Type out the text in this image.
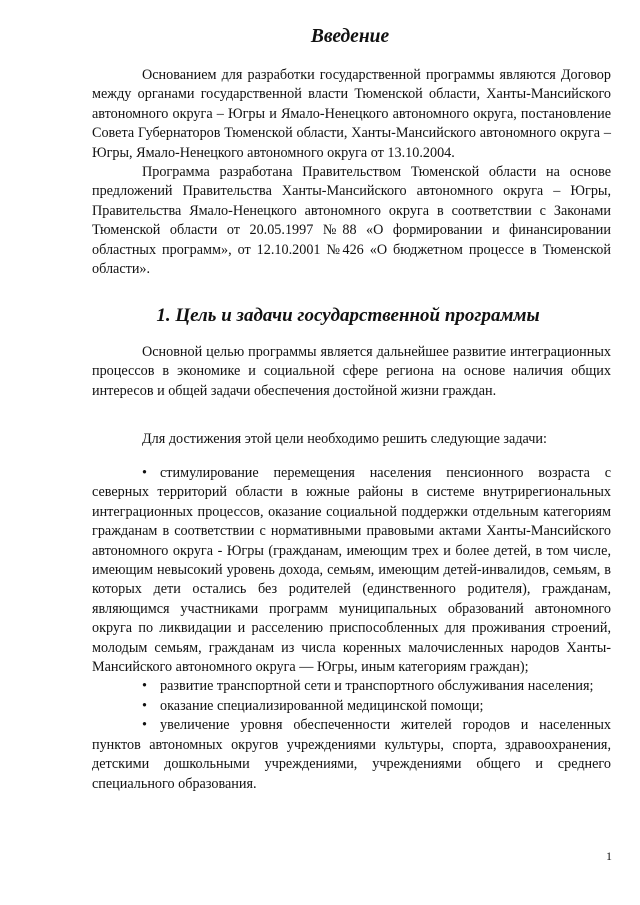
Введение

Основанием для разработки государственной программы являются Договор между органами государственной власти Тюменской области, Ханты-Мансийского автономного округа – Югры и Ямало-Ненецкого автономного округа, постановление Совета Губернаторов Тюменской области, Ханты-Мансийского автономного округа – Югры, Ямало-Ненецкого автономного округа от 13.10.2004.

Программа разработана Правительством Тюменской области на основе предложений Правительства Ханты-Мансийского автономного округа – Югры, Правительства Ямало-Ненецкого автономного округа в соответствии с Законами Тюменской области от 20.05.1997 №88 «О формировании и финансировании областных программ», от 12.10.2001 №426 «О бюджетном процессе в Тюменской области».

1. Цель и задачи государственной программы

Основной целью программы является дальнейшее развитие интеграционных процессов в экономике и социальной сфере региона на основе наличия общих интересов и общей задачи обеспечения достойной жизни граждан.

Для достижения этой цели необходимо решить следующие задачи:

• стимулирование перемещения населения пенсионного возраста с северных территорий области в южные районы в системе внутрирегиональных интеграционных процессов, оказание социальной поддержки отдельным категориям гражданам в соответствии с нормативными правовыми актами Ханты-Мансийского автономного округа - Югры (гражданам, имеющим трех и более детей, в том числе, имеющим невысокий уровень дохода, семьям, имеющим детей-инвалидов, семьям, в которых дети остались без родителей (единственного родителя), гражданам, являющимся участниками программ муниципальных образований автономного округа по ликвидации и расселению приспособленных для проживания строений, молодым семьям, гражданам из числа коренных малочисленных народов Ханты-Мансийского автономного округа — Югры, иным категориям граждан);

• развитие транспортной сети и транспортного обслуживания населения;

• оказание специализированной медицинской помощи;

• увеличение уровня обеспеченности жителей городов и населенных пунктов автономных округов учреждениями культуры, спорта, здравоохранения, детскими дошкольными учреждениями, учреждениями общего и среднего специального образования.

1
